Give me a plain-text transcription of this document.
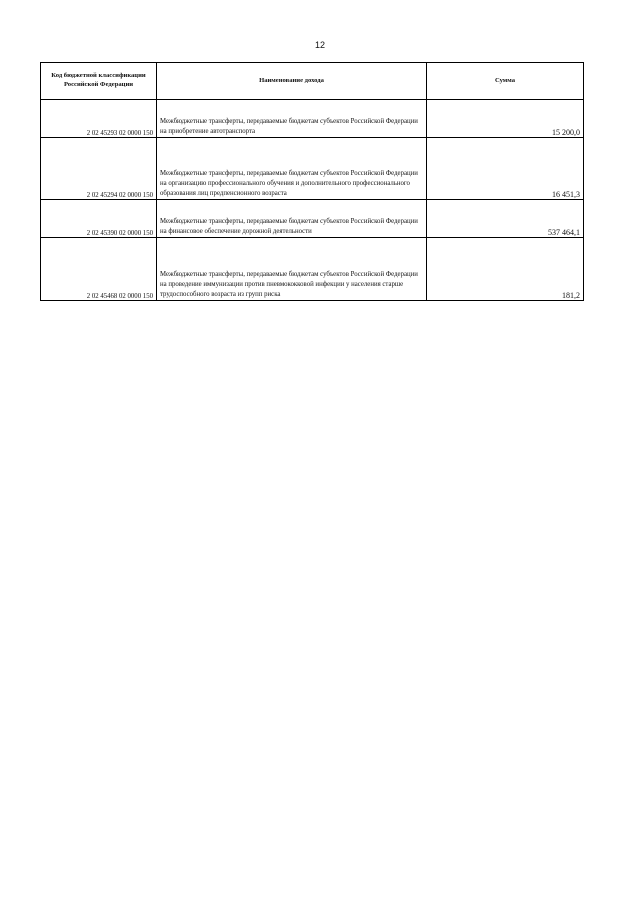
12
Код бюджетной классификации Российской Федерации	Наименование дохода	Сумма
2 02 45293 02 0000 150	Межбюджетные трансферты, передаваемые бюджетам субъектов Российской Федерации на приобретение автотранспорта	15 200,0
2 02 45294 02 0000 150	Межбюджетные трансферты, передаваемые бюджетам субъектов Российской Федерации на организацию профессионального обучения и дополнительного профессионального образования лиц предпенсионного возраста	16 451,3
2 02 45390 02 0000 150	Межбюджетные трансферты, передаваемые бюджетам субъектов Российской Федерации на финансовое обеспечение дорожной деятельности	537 464,1
2 02 45468 02 0000 150	Межбюджетные трансферты, передаваемые бюджетам субъектов Российской Федерации на проведение иммунизации против пневмококковой инфекции у населения старше трудоспособного возраста из групп риска	181,2
